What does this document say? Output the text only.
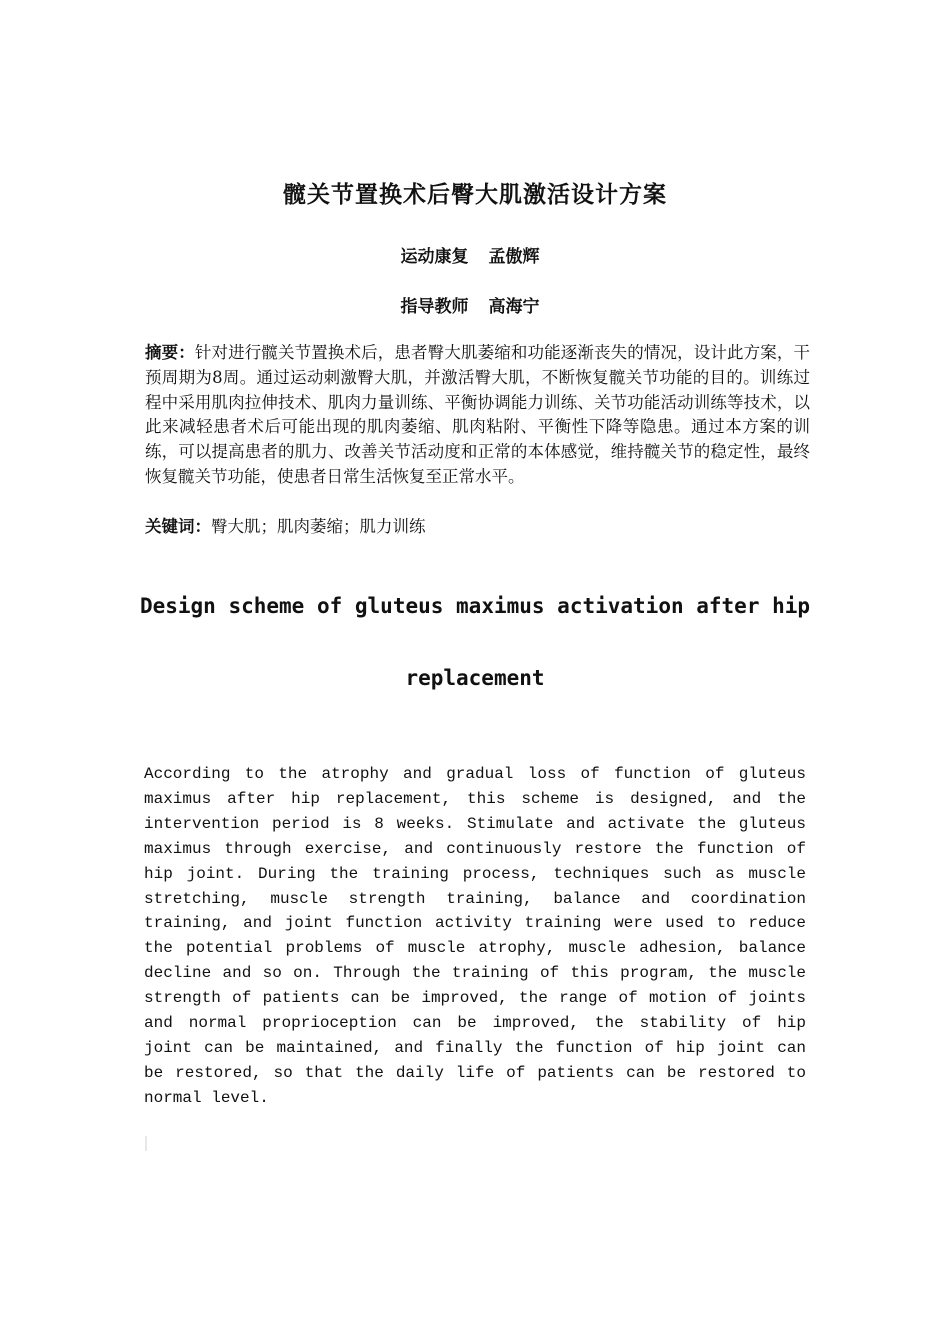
髋关节置换术后臀大肌激活设计方案

运动康复 孟傲辉

指导教师 高海宁

摘要：针对进行髋关节置换术后，患者臀大肌萎缩和功能逐渐丧失的情况，设计此方案，干预周期为8周。通过运动刺激臀大肌，并激活臀大肌，不断恢复髋关节功能的目的。训练过程中采用肌肉拉伸技术、肌肉力量训练、平衡协调能力训练、关节功能活动训练等技术，以此来减轻患者术后可能出现的肌肉萎缩、肌肉粘附、平衡性下降等隐患。通过本方案的训练，可以提高患者的肌力、改善关节活动度和正常的本体感觉，维持髋关节的稳定性，最终恢复髋关节功能，使患者日常生活恢复至正常水平。

关键词：臀大肌；肌肉萎缩；肌力训练

Design scheme of gluteus maximus activation after hip replacement

According to the atrophy and gradual loss of function of gluteus maximus after hip replacement, this scheme is designed, and the intervention period is 8 weeks. Stimulate and activate the gluteus maximus through exercise, and continuously restore the function of hip joint. During the training process, techniques such as muscle stretching, muscle strength training, balance and coordination training, and joint function activity training were used to reduce the potential problems of muscle atrophy, muscle adhesion, balance decline and so on. Through the training of this program, the muscle strength of patients can be improved, the range of motion of joints and normal proprioception can be improved, the stability of hip joint can be maintained, and finally the function of hip joint can be restored, so that the daily life of patients can be restored to normal level.
